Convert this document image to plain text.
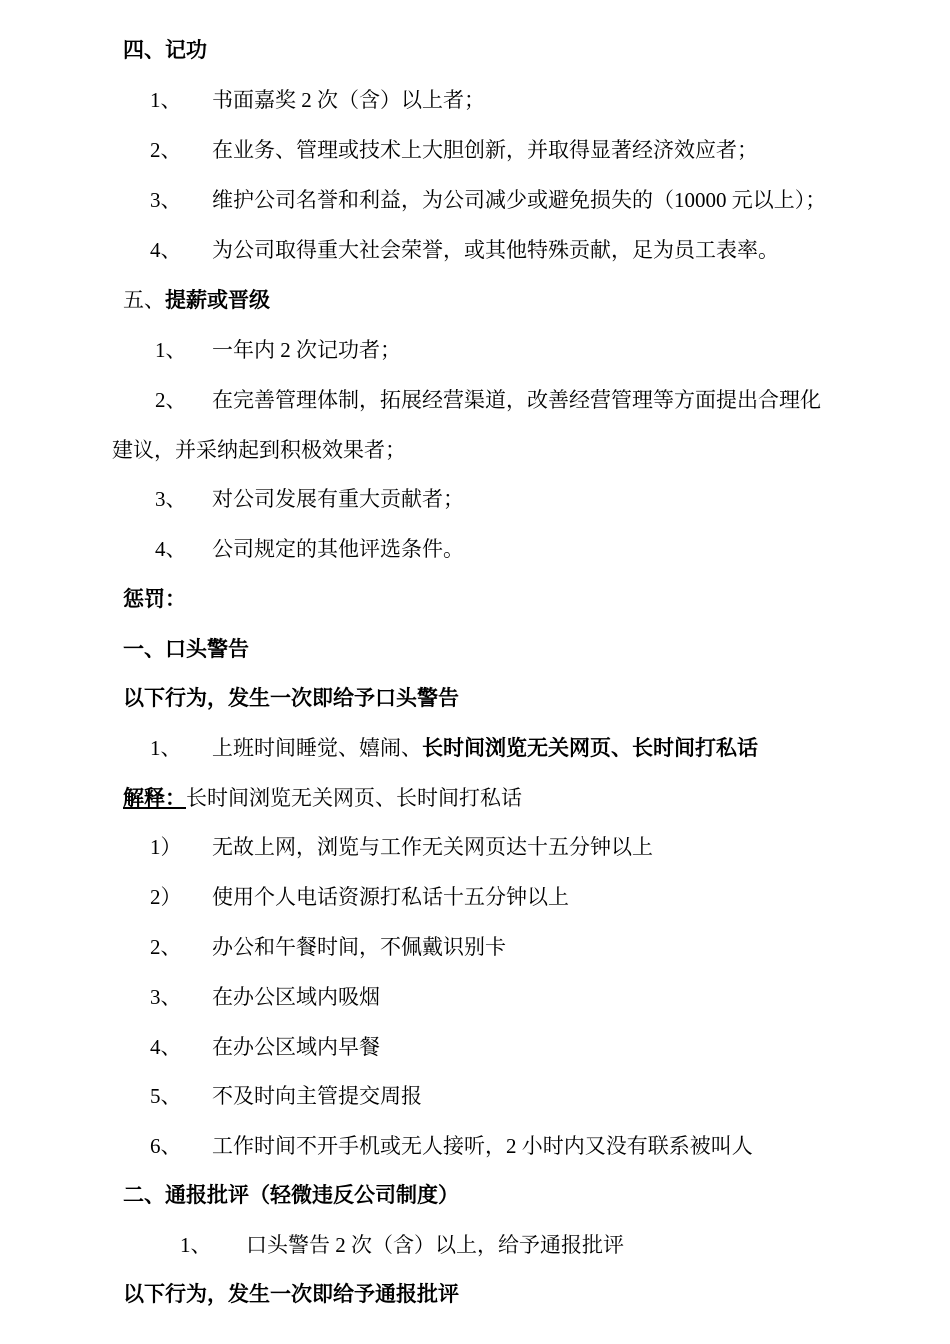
四、记功
1、 书面嘉奖 2 次（含）以上者；
2、 在业务、管理或技术上大胆创新，并取得显著经济效应者；
3、 维护公司名誉和利益，为公司减少或避免损失的（10000 元以上）；
4、 为公司取得重大社会荣誉，或其他特殊贡献，足为员工表率。
五、提薪或晋级
1、 一年内 2 次记功者；
2、 在完善管理体制，拓展经营渠道，改善经营管理等方面提出合理化
建议，并采纳起到积极效果者；
3、 对公司发展有重大贡献者；
4、 公司规定的其他评选条件。
惩罚：
一、口头警告
以下行为，发生一次即给予口头警告
1、 上班时间睡觉、嬉闹、长时间浏览无关网页、长时间打私话
解释：长时间浏览无关网页、长时间打私话
1） 无故上网，浏览与工作无关网页达十五分钟以上
2） 使用个人电话资源打私话十五分钟以上
2、 办公和午餐时间，不佩戴识别卡
3、 在办公区域内吸烟
4、 在办公区域内早餐
5、 不及时向主管提交周报
6、 工作时间不开手机或无人接听，2 小时内又没有联系被叫人
二、通报批评（轻微违反公司制度）
1、 口头警告 2 次（含）以上，给予通报批评
以下行为，发生一次即给予通报批评
